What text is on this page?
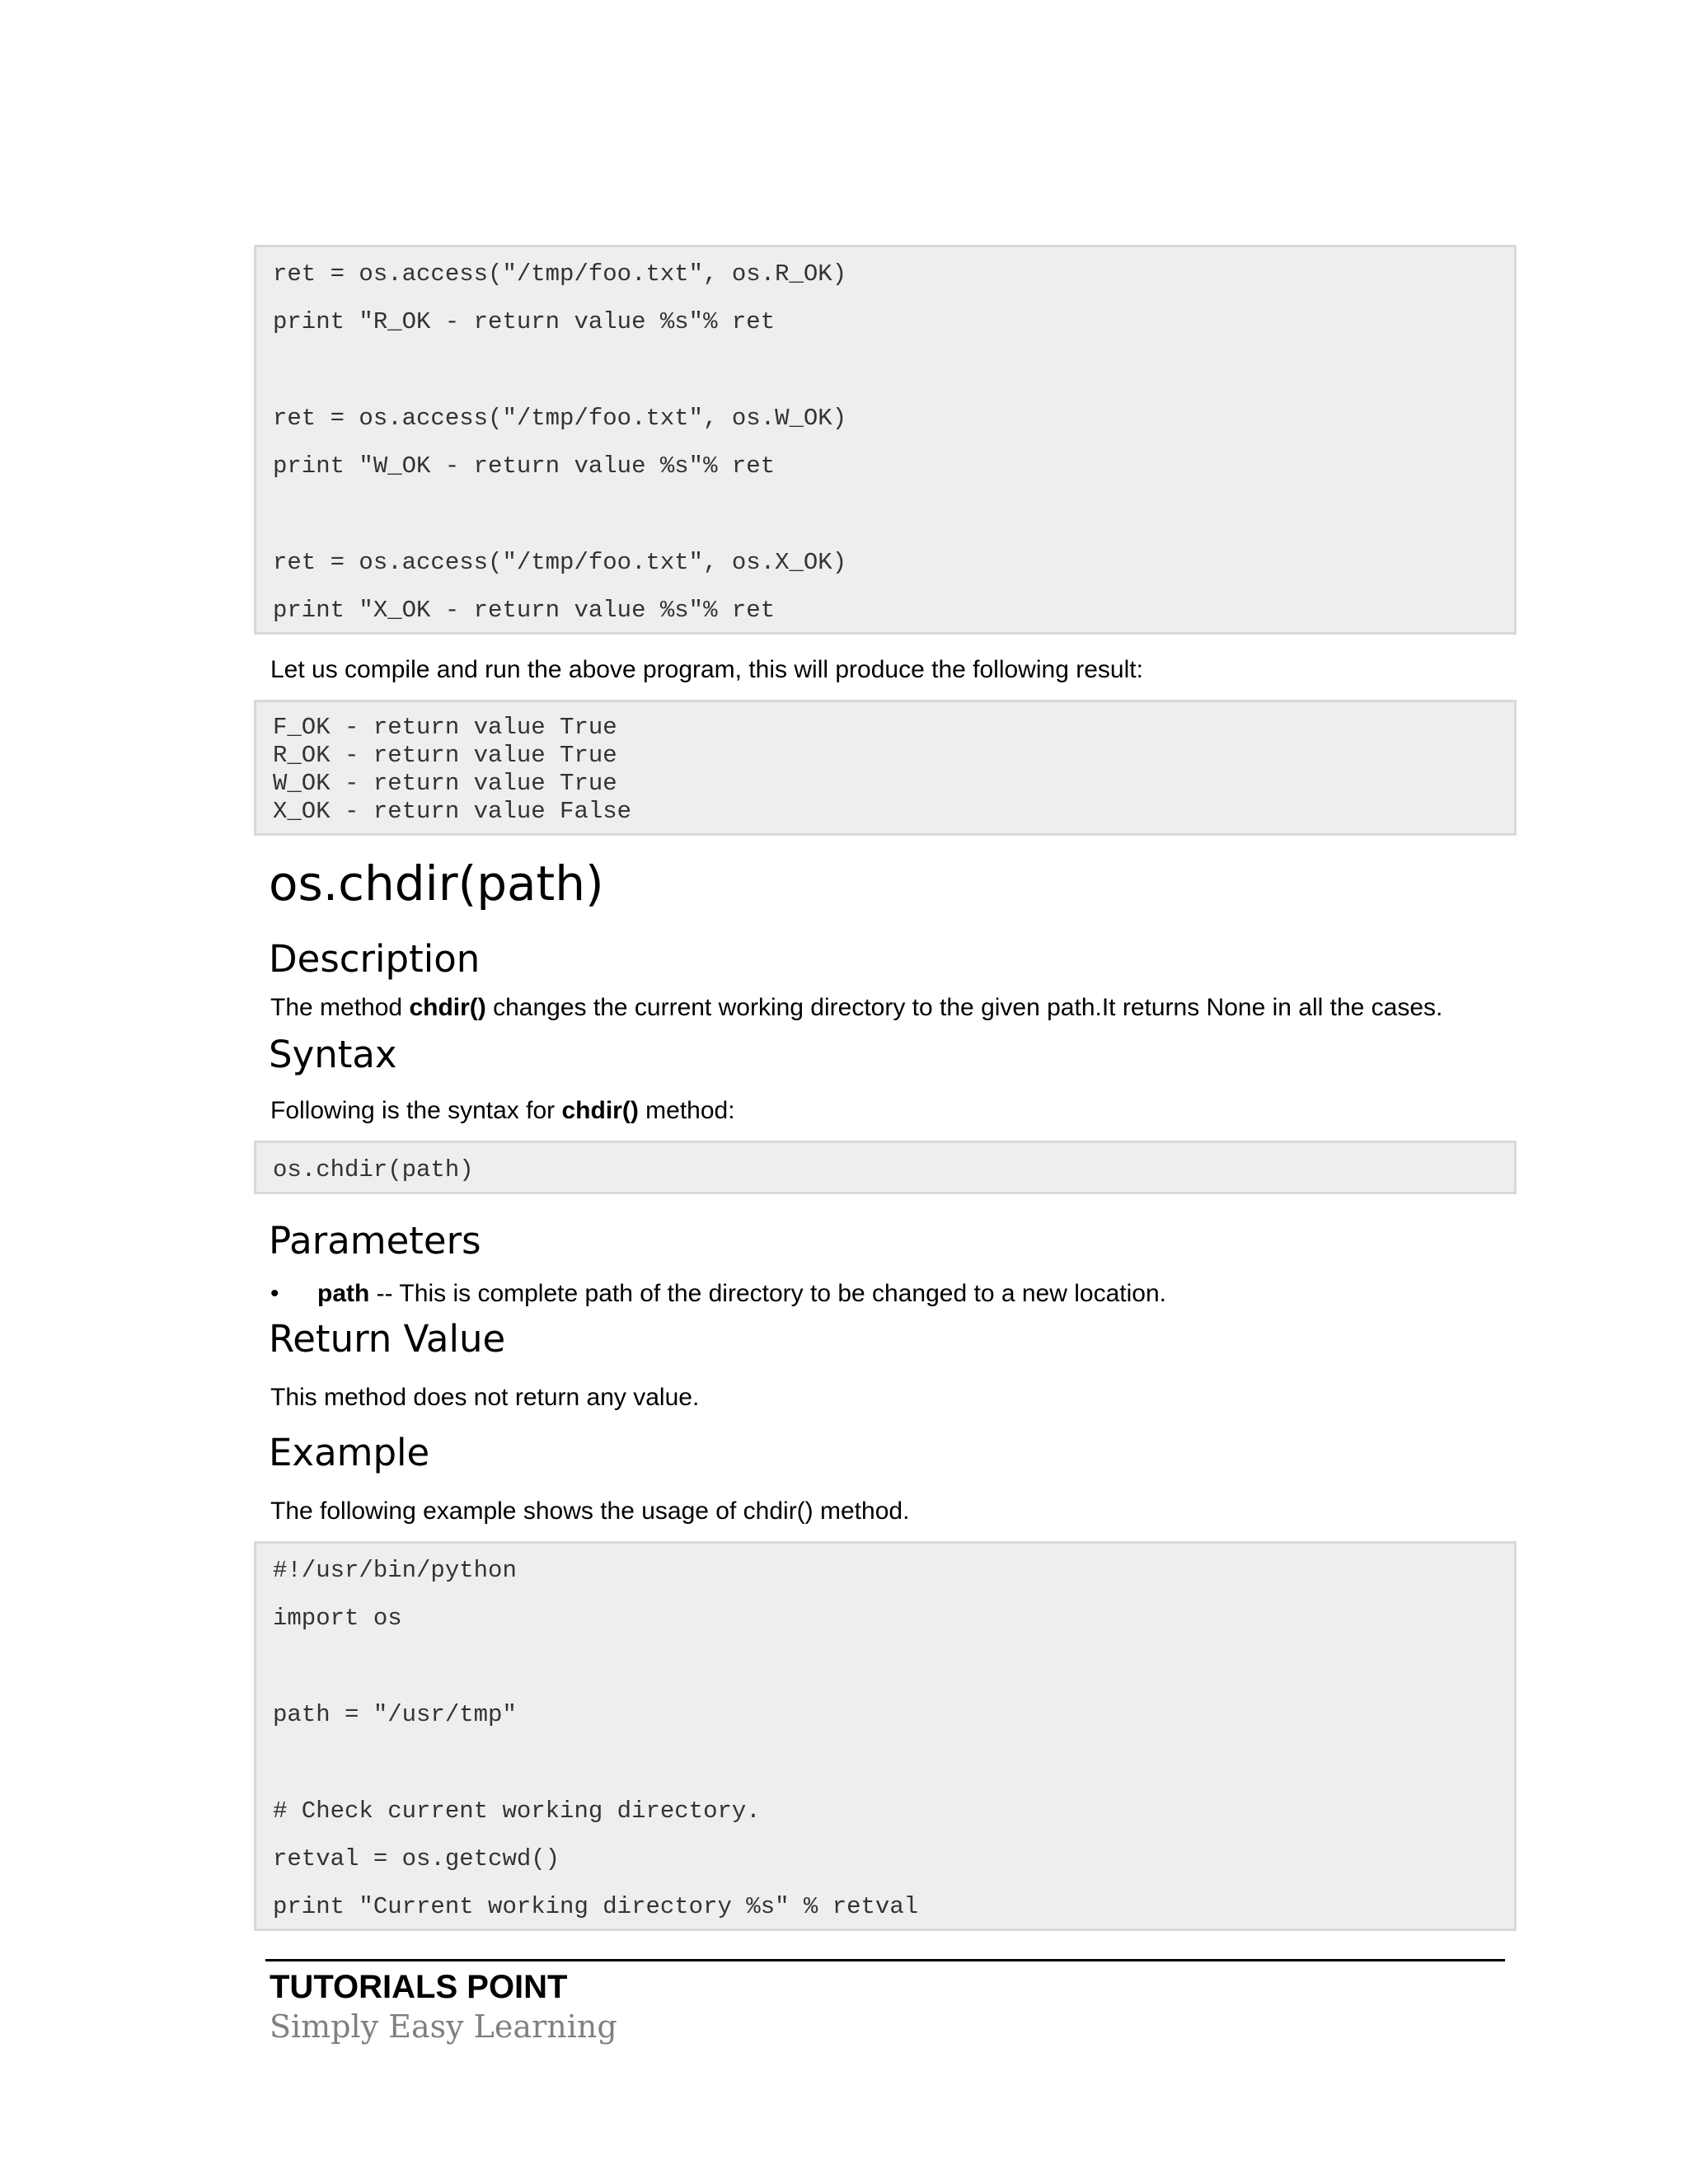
ret = os.access("/tmp/foo.txt", os.R_OK)
print "R_OK - return value %s"% ret
ret = os.access("/tmp/foo.txt", os.W_OK)
print "W_OK - return value %s"% ret
ret = os.access("/tmp/foo.txt", os.X_OK)
print "X_OK - return value %s"% ret
Let us compile and run the above program, this will produce the following result:
F_OK - return value True
R_OK - return value True
W_OK - return value True
X_OK - return value False
os.chdir(path)
Description
The method chdir() changes the current working directory to the given path.It returns None in all the cases.
Syntax
Following is the syntax for chdir() method:
os.chdir(path)
Parameters
• path -- This is complete path of the directory to be changed to a new location.
Return Value
This method does not return any value.
Example
The following example shows the usage of chdir() method.
#!/usr/bin/python
import os
path = "/usr/tmp"
# Check current working directory.
retval = os.getcwd()
print "Current working directory %s" % retval
TUTORIALS POINT
Simply Easy Learning
